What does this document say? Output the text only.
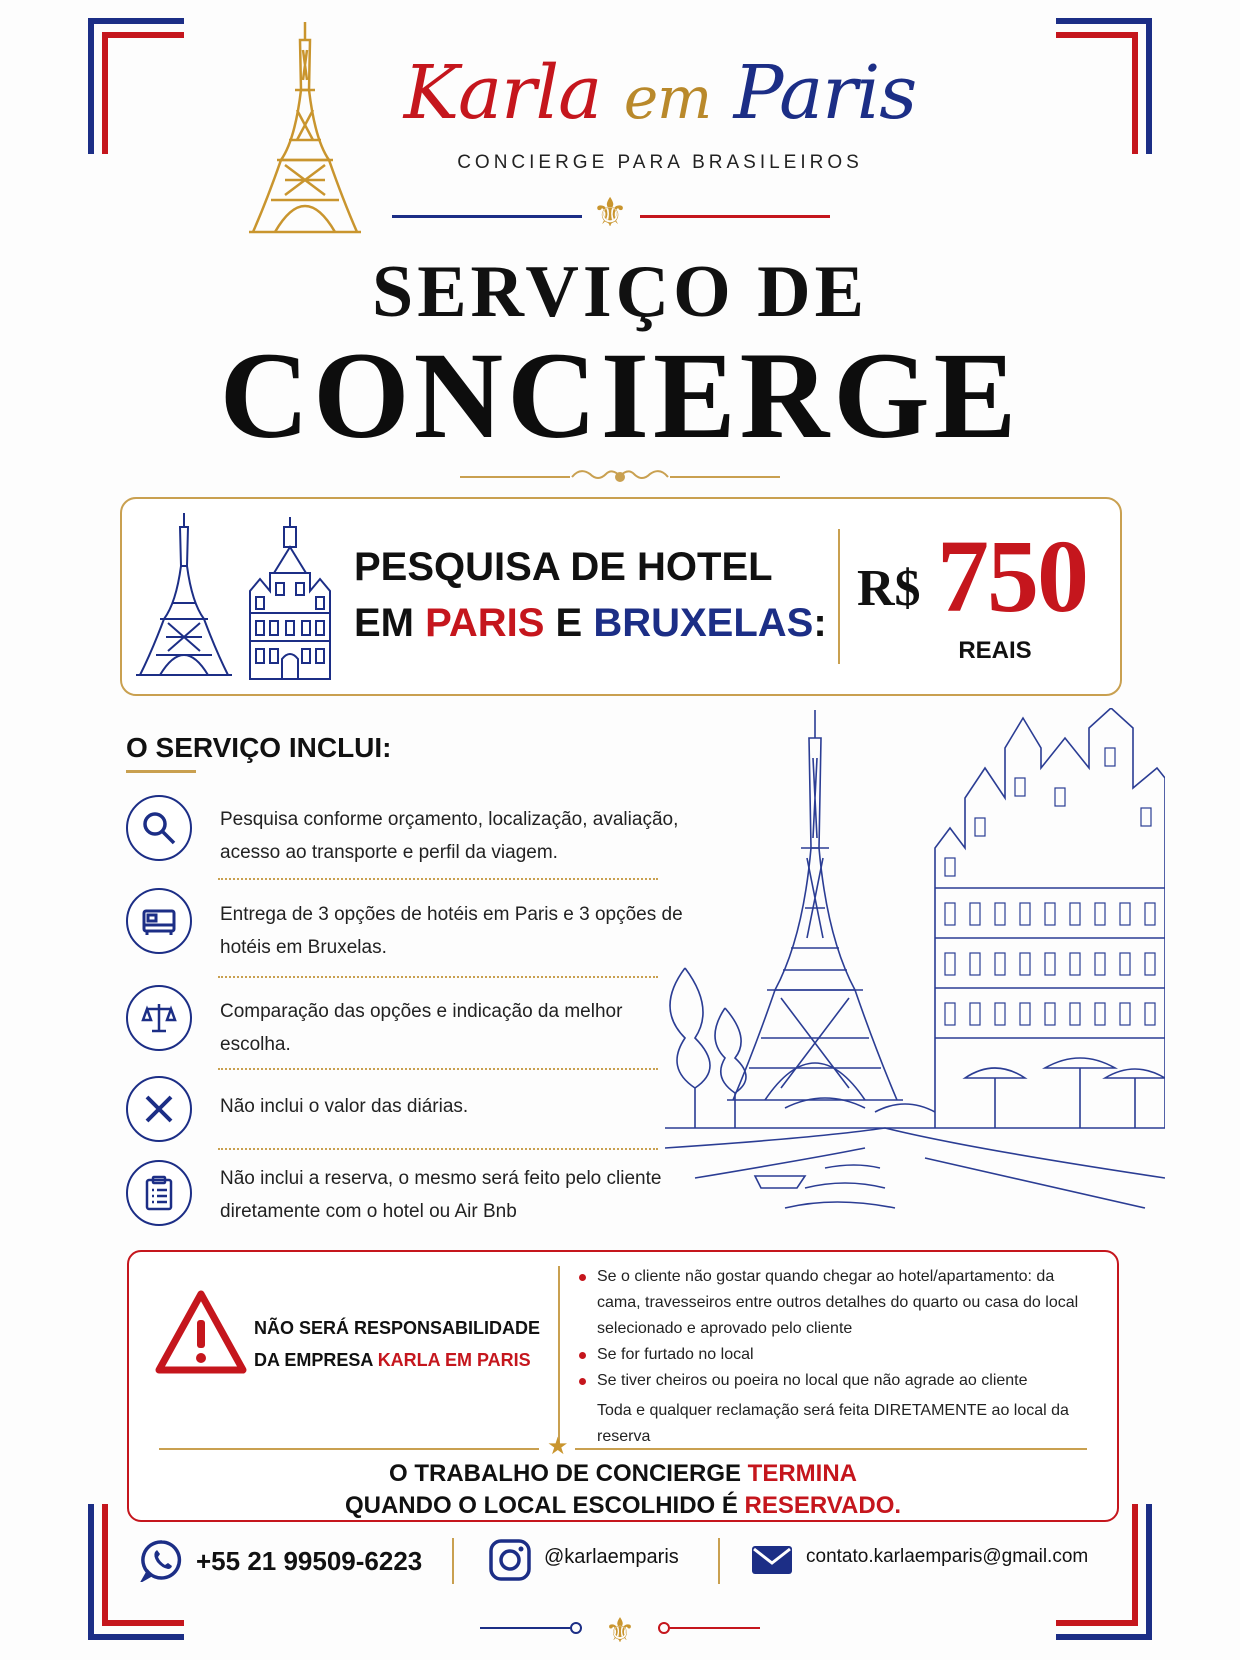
Karla em Paris
CONCIERGE PARA BRASILEIROS
⚜
SERVIÇO DE
CONCIERGE
PESQUISA DE HOTEL
EM PARIS E BRUXELAS:
R$ 750
REAIS
O SERVIÇO INCLUI:
Pesquisa conforme orçamento, localização, avaliação, acesso ao transporte e perfil da viagem.
Entrega de 3 opções de hotéis em Paris e 3 opções de hotéis em Bruxelas.
Comparação das opções e indicação da melhor escolha.
Não inclui o valor das diárias.
Não inclui a reserva, o mesmo será feito pelo cliente diretamente com o hotel ou Air Bnb
NÃO SERÁ RESPONSABILIDADE DA EMPRESA KARLA EM PARIS
Se o cliente não gostar quando chegar ao hotel/apartamento: da cama, travesseiros entre outros detalhes do quarto ou casa do local selecionado e aprovado pelo cliente
Se for furtado no local
Se tiver cheiros ou poeira no local que não agrade ao cliente
Toda e qualquer reclamação será feita DIRETAMENTE ao local da reserva
★
O TRABALHO DE CONCIERGE TERMINA
QUANDO O LOCAL ESCOLHIDO É RESERVADO.
+55 21 99509-6223	@karlaemparis	contato.karlaemparis@gmail.com
⚜
